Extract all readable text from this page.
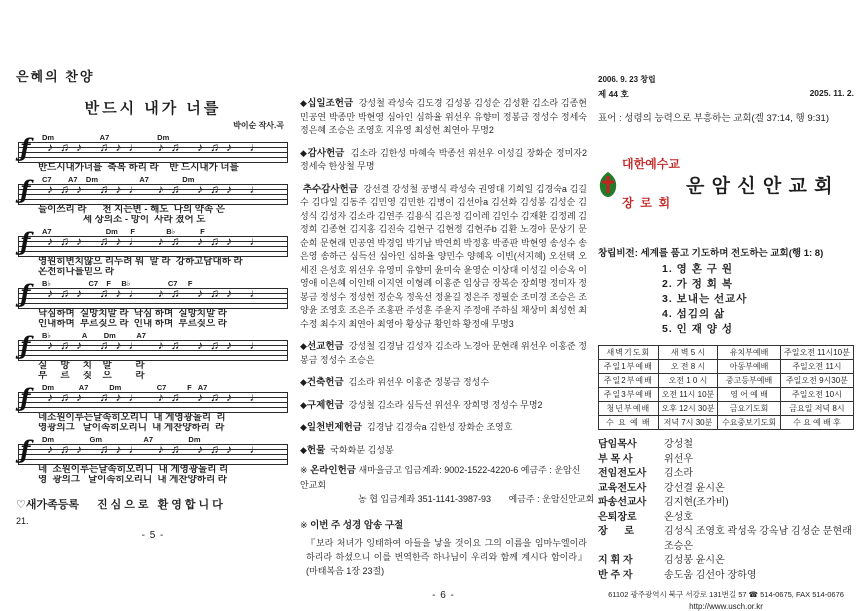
은혜의 찬양
반드시 내가 너를
박이순 작사.곡
Dm                      A7                       Dm
ƒ ♪♫♪ ♫♪♩ ♪♫ ♪♫♪ ♩
반드시내가너를  축복 하리 라    반 드시내가 너를
C7        A7    Dm                    A7                Dm
ƒ ♪♫♪ ♫♪♩ ♪♫ ♪♫♪ ♩
들이쓰리 라      천 지는변 - 해도  나의 약속 은
세 상의소 - 망이  사라 졌어 도
A7                          Dm      F               B♭            F
ƒ ♪♫♪ ♫♪♩ ♪♫ ♪♫♪ ♩
영원히변치않으 리두려 워  말 라  강하고담대하 라
온전히나를믿으 라
B♭                  C7    F     B♭                  C7     F
ƒ ♪♫♪ ♫♪♩ ♪♫ ♪♫♪ ♩
낙심하며  실망치말 라  낙심 하며  실망치말 라
인내하며  부르짖으 라  인내 하며  부르짖으 라
B♭               A        Dm          A7
ƒ ♪♫♪ ♫♪♩ ♪♫ ♪♫♪ ♩
실     망     치    말         라
부     르     짖    으         라
Dm            A7          Dm                 C7          F   A7
ƒ ♪♫♪ ♫♪♩ ♪♫ ♪♫♪ ♩
네소원이루는날속히오리니  내 게영광돌리  리
영광의그   날이속히오리니  내 게찬양하리  라
Dm                 Gm                    A7                 Dm
ƒ ♪♫♪ ♫♪♩ ♪♫ ♪♫♪ ♩
네  소원이루는날속히오리니  내 게영광돌리 리
영  광의그   날이속히오리니  내 게찬양하리 라
♡새가족등록 진심으로 환영합니다
21.
- 5 -

◆십일조헌금 강성철 곽성숙 김도경 김성봉 김성순 김성환 김소라 김종현 민공연 박종만 박현영 심아인 심하율 위선우 유향미 정봉금 정성수 정세숙 정은혜 조승은 조영호 지유영 최성헌 최연아 무명2

◆감사헌금 김소라 김한성 마혜숙 박종선 위선우 이성길 장화순 정미자2 정세숙 한상철 무명

추수감사헌금 강선결 강성철 공병식 곽성숙 권영대 기희일 김경숙a 김길수 김다일 김동주 김민영 김민한 김병이 김선아a 김선화 김성봉 김성순 김성식 김성자 김소라 김연주 김용식 김은정 김이레 김인수 김재환 김정례 김정희 김종현 김지홍 김진숙 김현구 김현정 김현주b 김환 노경아 문상기 문순희 문현래 민공연 박경임 박기남 박연희 박정홍 박종판 박현영 송성수 송은영 송하근 심득선 심아인 심하율 양민수 양혜옥 이빈(서지혜) 오선택 오세진 은성호 위선우 유영미 유향미 윤미숙 윤영순 이상대 이성길 이승옥 이영애 이은혜 이인태 이지연 이형례 이홍준 임상금 장복순 장희명 정미자 정봉금 정성수 정성헌 정순옥 정욱선 정윤길 정은주 정필순 조미경 조승은 조양윤 조영호 조은주 조홍판 주성훈 주윤지 주정애 주하실 채상미 최성헌 최수정 최수지 최연아 최영아 황상규 황인하 황정애 무명3

◆선교헌금 강성철 김경남 김성자 김소라 노경아 문현래 위선우 이홍준 정봉금 정성수 조승은

◆건축헌금 김소라 위선우 이홍준 정봉금 정성수

◆구제헌금 강성철 김소라 심득선 위선우 장희명 정성수 무명2

◆일천번제헌금 김경남 김경숙a 김한성 장화순 조영호

◆헌물 국화화분 김성봉

※ 온라인헌금 새마을금고 입금계좌: 9002-1522-4220-6 예금주 : 운암신안교회
농 협 입금계좌 351-1141-3987-93       예금주 : 운암신안교회
※ 이번 주 성경 암송 구절
『보라 처녀가 잉태하여 아들을 낳을 것이요 그의 이름을 임마누엘이라 하리라 하셨으니 이를 번역한즉 하나님이 우리와 함께 계시다 함이라』 (마태복음 1장 23절)
- 6 -
2006. 9. 23 창립
제 44 호	2025. 11. 2.
표어 : 성령의 능력으로 부흥하는 교회(겔 37:14, 행 9:31)

대한예수교

장  로  회

운 암 신 안 교 회
창립비전: 세계를 품고 기도하며 전도하는 교회(행 1: 8)
1. 영 혼 구 원
2. 가 정 회 복
3. 보내는 선교사
4. 섬김의 삶
5. 인 재 양 성
새벽기도회	새 벽 5 시	유치부예배	주일오전 11시10분
주일1부예배	오 전 8 시	아동부예배	주일오전 11시
주일2부예배	오전 1 0 시	중고등부예배	주일오전 9시30분
주일3부예배	오전 11시 10분	영 어 예 배	주일오전 10시
청년부예배	오후 12시 30분	금요기도회	금요일 저녁 8시
수 요 예 배	저녁 7시 30분	수요중보기도회	수 요 예 배 후
담임목사	강성철
부 목 사	위선우
전임전도사	김소라
교육전도사	강선결 윤시온
파송선교사	김지현(조가비)
은퇴장로	온성호
장      로	김성식 조영호 곽성욱 강옥남 김성순 문현래 조승은
지 휘 자	김성봉 윤시온
반 주 자	송도움 김선아 장하영
61102 광주광역시 북구 서강로 131번길 57 ☎ 514-0675, FAX 514-0676
http://www.usch.or.kr
